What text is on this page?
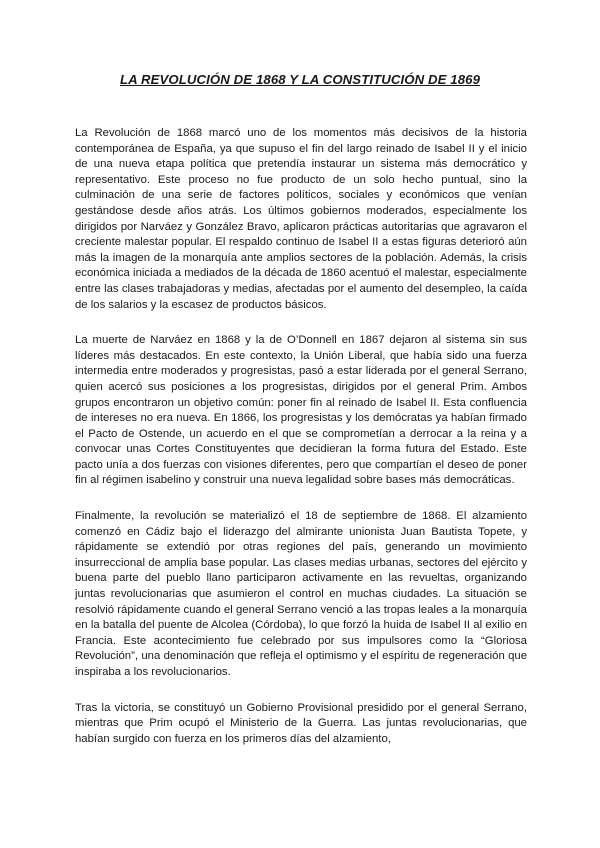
LA REVOLUCIÓN DE 1868 Y LA CONSTITUCIÓN DE 1869

La Revolución de 1868 marcó uno de los momentos más decisivos de la historia contemporánea de España, ya que supuso el fin del largo reinado de Isabel II y el inicio de una nueva etapa política que pretendía instaurar un sistema más democrático y representativo. Este proceso no fue producto de un solo hecho puntual, sino la culminación de una serie de factores políticos, sociales y económicos que venían gestándose desde años atrás. Los últimos gobiernos moderados, especialmente los dirigidos por Narváez y González Bravo, aplicaron prácticas autoritarias que agravaron el creciente malestar popular. El respaldo continuo de Isabel II a estas figuras deterioró aún más la imagen de la monarquía ante amplios sectores de la población. Además, la crisis económica iniciada a mediados de la década de 1860 acentuó el malestar, especialmente entre las clases trabajadoras y medias, afectadas por el aumento del desempleo, la caída de los salarios y la escasez de productos básicos.

La muerte de Narváez en 1868 y la de O’Donnell en 1867 dejaron al sistema sin sus líderes más destacados. En este contexto, la Unión Liberal, que había sido una fuerza intermedia entre moderados y progresistas, pasó a estar liderada por el general Serrano, quien acercó sus posiciones a los progresistas, dirigidos por el general Prim. Ambos grupos encontraron un objetivo común: poner fin al reinado de Isabel II. Esta confluencia de intereses no era nueva. En 1866, los progresistas y los demócratas ya habían firmado el Pacto de Ostende, un acuerdo en el que se comprometían a derrocar a la reina y a convocar unas Cortes Constituyentes que decidieran la forma futura del Estado. Este pacto unía a dos fuerzas con visiones diferentes, pero que compartían el deseo de poner fin al régimen isabelino y construir una nueva legalidad sobre bases más democráticas.

Finalmente, la revolución se materializó el 18 de septiembre de 1868. El alzamiento comenzó en Cádiz bajo el liderazgo del almirante unionista Juan Bautista Topete, y rápidamente se extendió por otras regiones del país, generando un movimiento insurreccional de amplia base popular. Las clases medias urbanas, sectores del ejército y buena parte del pueblo llano participaron activamente en las revueltas, organizando juntas revolucionarias que asumieron el control en muchas ciudades. La situación se resolvió rápidamente cuando el general Serrano venció a las tropas leales a la monarquía en la batalla del puente de Alcolea (Córdoba), lo que forzó la huida de Isabel II al exilio en Francia. Este acontecimiento fue celebrado por sus impulsores como la “Gloriosa Revolución”, una denominación que refleja el optimismo y el espíritu de regeneración que inspiraba a los revolucionarios.

Tras la victoria, se constituyó un Gobierno Provisional presidido por el general Serrano, mientras que Prim ocupó el Ministerio de la Guerra. Las juntas revolucionarias, que habían surgido con fuerza en los primeros días del alzamiento,
